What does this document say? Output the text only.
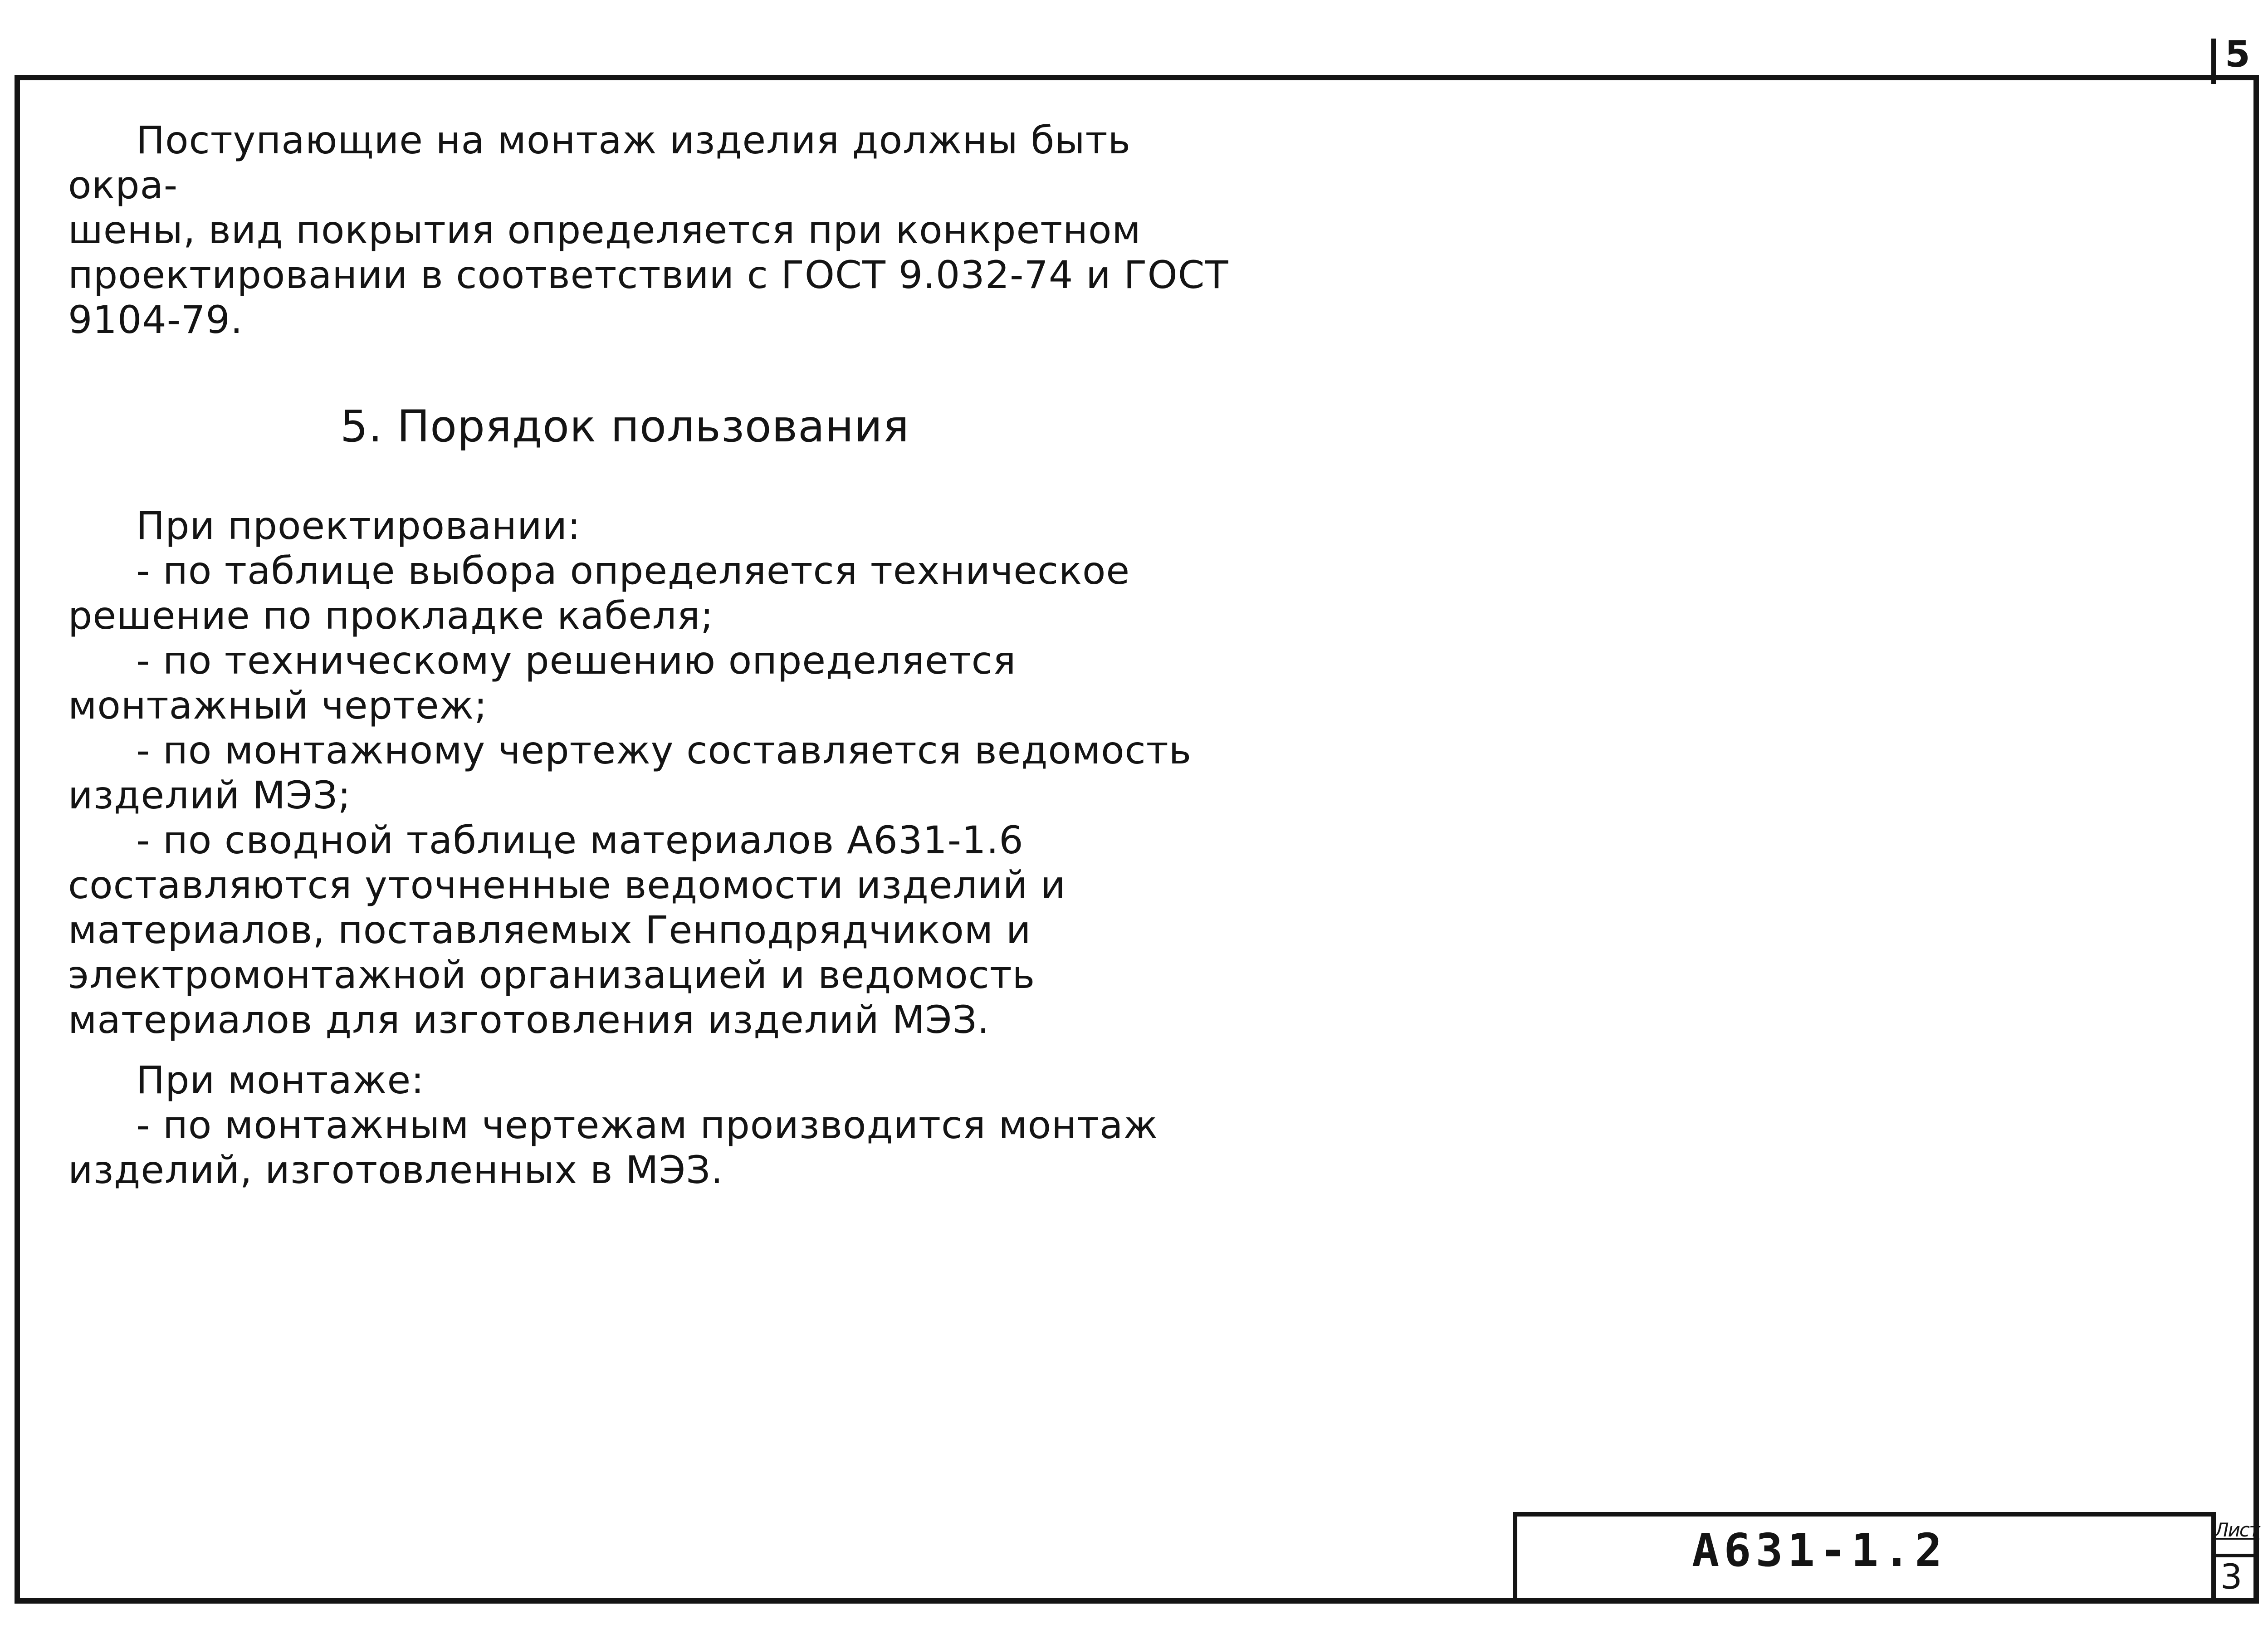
5

Поступающие на монтаж изделия должны быть окра-

шены, вид покрытия определяется при конкретном

проектировании в соответствии с ГОСТ 9.032-74 и ГОСТ 9104-79.

5. Порядок пользования

При проектировании:

- по таблице выбора определяется техническое решение по прокладке кабеля;

- по техническому решению определяется монтажный чертеж;

- по монтажному чертежу составляется ведомость изделий МЭЗ;

- по сводной таблице материалов А631-1.6 составляются уточненные ведомости изделий и материалов, поставляемых Генподрядчиком и электромонтажной организацией и ведомость материалов для изготовления изделий МЭЗ.

При монтаже:

- по монтажным чертежам производится монтаж изделий, изготовленных в МЭЗ.

А631-1.2	Лист
3
